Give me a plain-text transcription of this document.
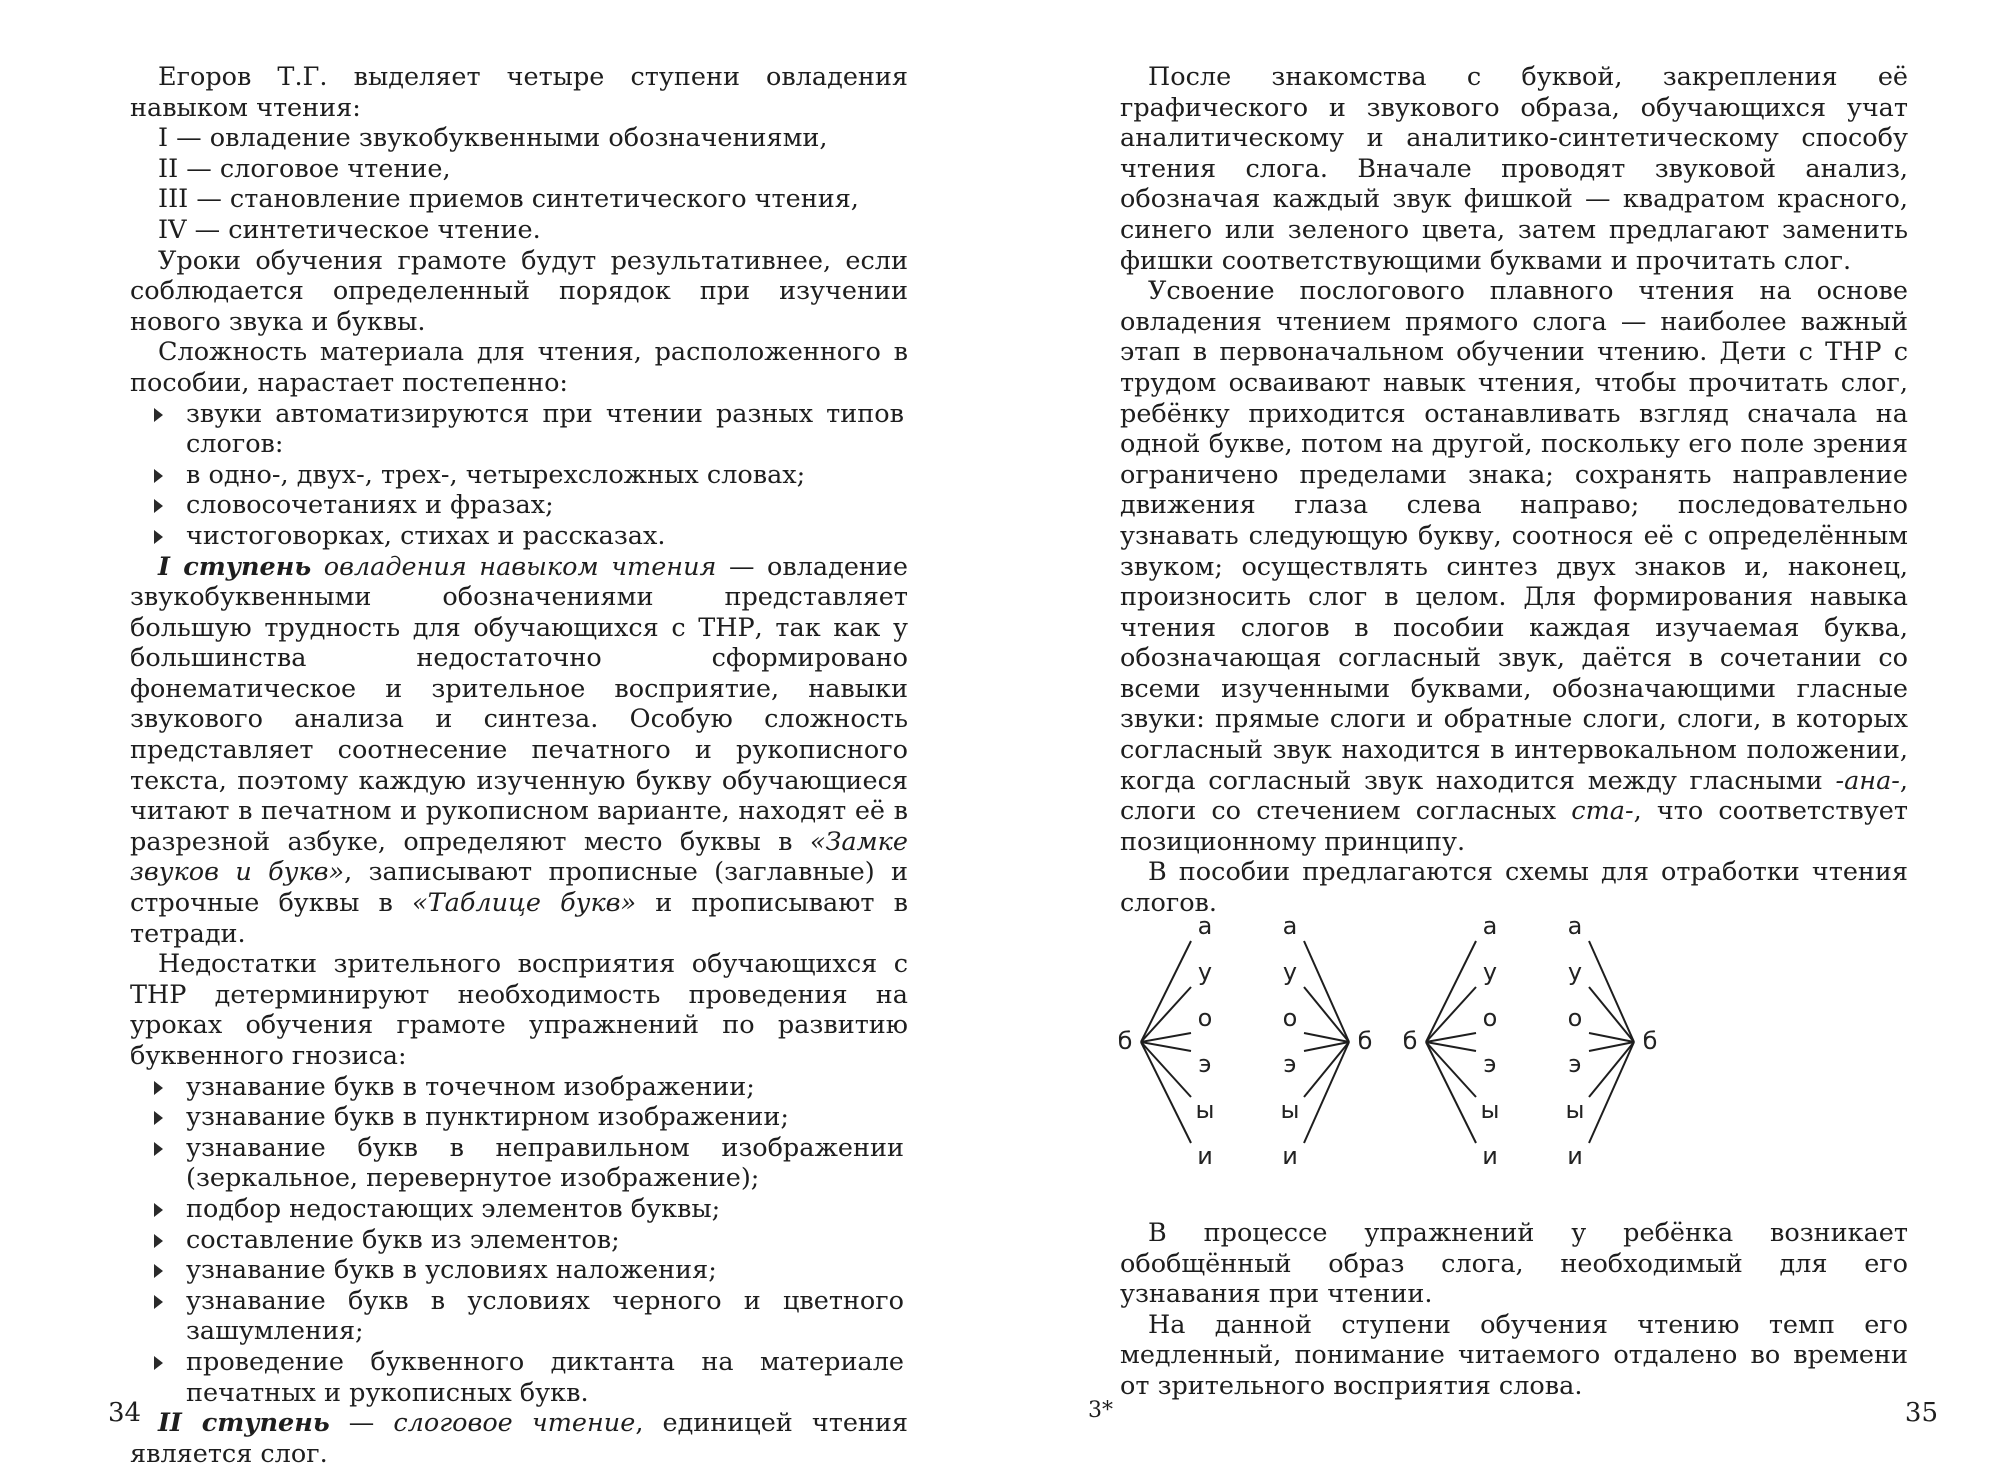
Егоров Т.Г. выделяет четыре ступени овладения навыком чтения:

I — овладение звукобуквенными обозначениями,

II — слоговое чтение,

III — становление приемов синтетического чтения,

IV — синтетическое чтение.

Уроки обучения грамоте будут результативнее, если соблюдается определенный порядок при изучении нового звука и буквы.

Сложность материала для чтения, расположенного в пособии, нарастает постепенно:

звуки автоматизируются при чтении разных типов слогов:
в одно-, двух-, трех-, четырехсложных словах;
словосочетаниях и фразах;
чистоговорках, стихах и рассказах.

I ступень овладения навыком чтения — овладение звукобуквенными обозначениями представляет большую трудность для обучающихся с ТНР, так как у большинства недостаточно сформировано фонематическое и зрительное восприятие, навыки звукового анализа и синтеза. Особую сложность представляет соотнесение печатного и рукописного текста, поэтому каждую изученную букву обучающиеся читают в печатном и рукописном варианте, находят её в разрезной азбуке, определяют место буквы в «Замке звуков и букв», записывают прописные (заглавные) и строчные буквы в «Таблице букв» и прописывают в тетради.

Недостатки зрительного восприятия обучающихся с ТНР детерминируют необходимость проведения на уроках обучения грамоте упражнений по развитию буквенного гнозиса:

узнавание букв в точечном изображении;
узнавание букв в пунктирном изображении;
узнавание букв в неправильном изображении (зеркальное, перевернутое изображение);
подбор недостающих элементов буквы;
составление букв из элементов;
узнавание букв в условиях наложения;
узнавание букв в условиях черного и цветного зашумления;
проведение буквенного диктанта на материале печатных и рукописных букв.

II ступень — слоговое чтение, единицей чтения является слог.

34

После знакомства с буквой, закрепления её графического и звукового образа, обучающихся учат аналитическому и аналитико-синтетическому способу чтения слога. Вначале проводят звуковой анализ, обозначая каждый звук фишкой — квадратом красного, синего или зеленого цвета, затем предлагают заменить фишки соответствующими буквами и прочитать слог.

Усвоение послогового плавного чтения на основе овладения чтением прямого слога — наиболее важный этап в первоначальном обучении чтению. Дети с ТНР с трудом осваивают навык чтения, чтобы прочитать слог, ребёнку приходится останавливать взгляд сначала на одной букве, потом на другой, поскольку его поле зрения ограничено пределами знака; сохранять направление движения глаза слева направо; последовательно узнавать следующую букву, соотнося её с определённым звуком; осуществлять синтез двух знаков и, наконец, произносить слог в целом. Для формирования навыка чтения слогов в пособии каждая изучаемая буква, обозначающая согласный звук, даётся в сочетании со всеми изученными буквами, обозначающими гласные звуки: прямые слоги и обратные слоги, слоги, в которых согласный звук находится в интервокальном положении, когда согласный звук находится между гласными -ана-, слоги со стечением согласных ста-, что соответствует позиционному принципу.

В пособии предлагаются схемы для отработки чтения слогов.

В процессе упражнений у ребёнка возникает обобщённый образ слога, необходимый для его узнавания при чтении.

На данной ступени обучения чтению темп его медленный, понимание читаемого отдалено во времени от зрительного восприятия слова.

3*	35
б
а
у
о
э
ы
и
б
а
у
о
э
ы
и
б
а
у
о
э
ы
и
б
а
у
о
э
ы
и
